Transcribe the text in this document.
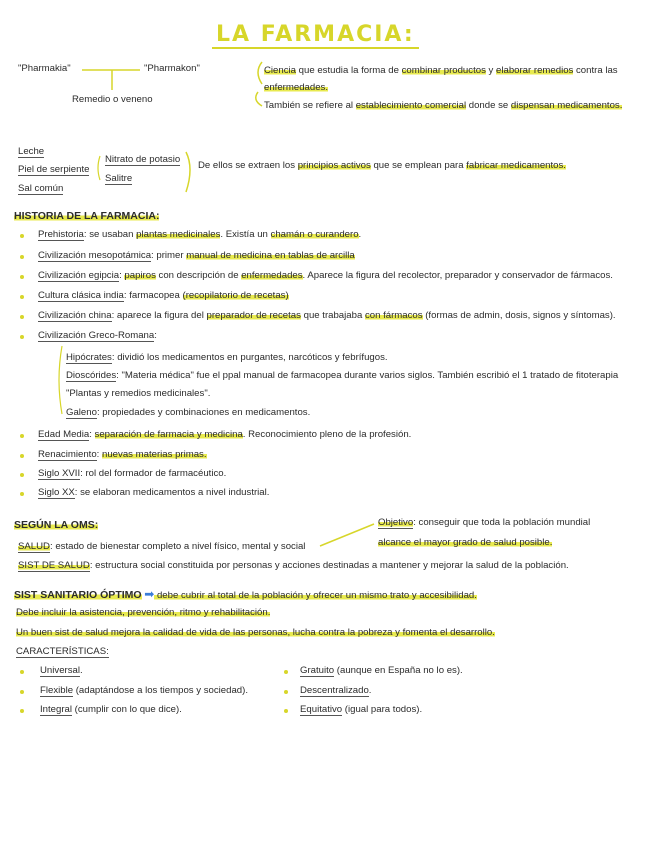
LA FARMACIA:
"Pharmakia"	"Pharmakon"
Remedio o veneno
Ciencia que estudia la forma de combinar productos y elaborar remedios contra las
enfermedades.
También se refiere al establecimiento comercial donde se dispensan medicamentos.
Leche
Piel de serpiente
Sal común
Nitrato de potasio
Salitre
De ellos se extraen los principios activos que se emplean para fabricar medicamentos.
HISTORIA DE LA FARMACIA:
Prehistoria: se usaban plantas medicinales. Existía un chamán o curandero.
Civilización mesopotámica: primer manual de medicina en tablas de arcilla
Civilización egipcia: papiros con descripción de enfermedades. Aparece la figura del recolector, preparador y conservador de fármacos.
Cultura clásica india: farmacopea (recopilatorio de recetas)
Civilización china: aparece la figura del preparador de recetas que trabajaba con fármacos (formas de admin, dosis, signos y síntomas).
Civilización Greco-Romana:
Hipócrates: dividió los medicamentos en purgantes, narcóticos y febrífugos.
Dioscórides: "Materia médica" fue el ppal manual de farmacopea durante varios siglos. También escribió el 1 tratado de fitoterapia
"Plantas y remedios medicinales".
Galeno: propiedades y combinaciones en medicamentos.
Edad Media: separación de farmacia y medicina. Reconocimiento pleno de la profesión.
Renacimiento: nuevas materias primas.
Siglo XVII: rol del formador de farmacéutico.
Siglo XX: se elaboran medicamentos a nivel industrial.
SEGÚN LA OMS:
SALUD: estado de bienestar completo a nivel físico, mental y social
SIST DE SALUD: estructura social constituida por personas y acciones destinadas a mantener y mejorar la salud de la población.
Objetivo: conseguir que toda la población mundial
alcance el mayor grado de salud posible.
SIST SANITARIO ÓPTIMO ➡ debe cubrir al total de la población y ofrecer un mismo trato y accesibilidad.
Debe incluir la asistencia, prevención, ritmo y rehabilitación.
Un buen sist de salud mejora la calidad de vida de las personas, lucha contra la pobreza y fomenta el desarrollo.
CARACTERÍSTICAS:
Universal.
Flexible (adaptándose a los tiempos y sociedad).
Integral (cumplir con lo que dice).
Gratuito (aunque en España no lo es).
Descentralizado.
Equitativo (igual para todos).
